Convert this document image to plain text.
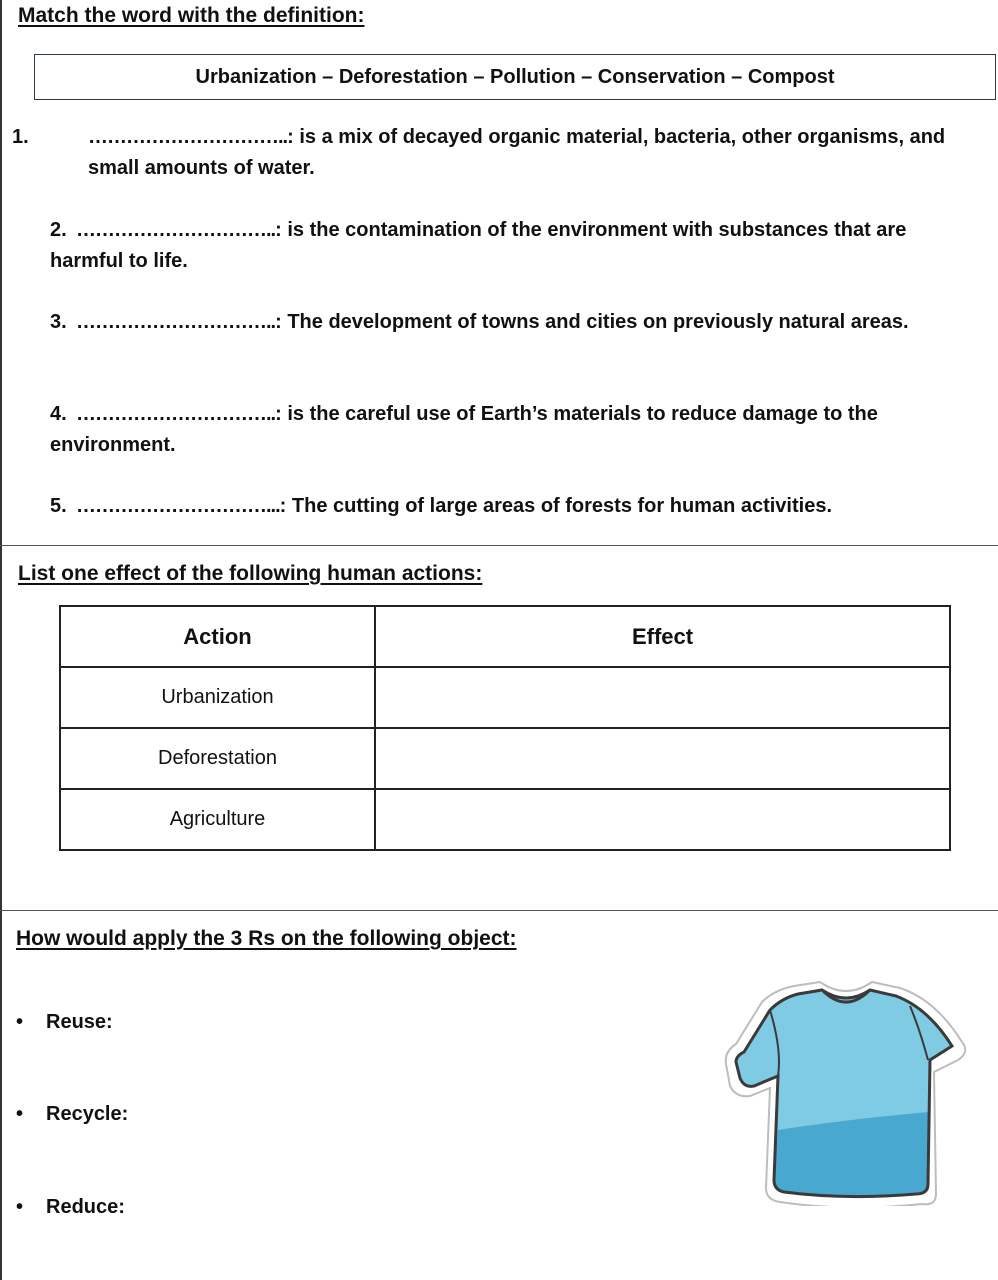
Match the word with the definition:
Urbanization – Deforestation – Pollution – Conservation – Compost
1.	…………………………..: is a mix of decayed organic material, bacteria, other organisms, and small amounts of water.
2. …………………………..: is the contamination of the environment with substances that are harmful to life.
3. …………………………..: The development of towns and cities on previously natural areas.
4. …………………………..: is the careful use of Earth’s materials to reduce damage to the environment.
5. …………………………...: The cutting of large areas of forests for human activities.
List one effect of the following human actions:
Action	Effect
Urbanization	
Deforestation	
Agriculture	
How would apply the 3 Rs on the following object:
• Reuse:
• Recycle:
• Reduce:
